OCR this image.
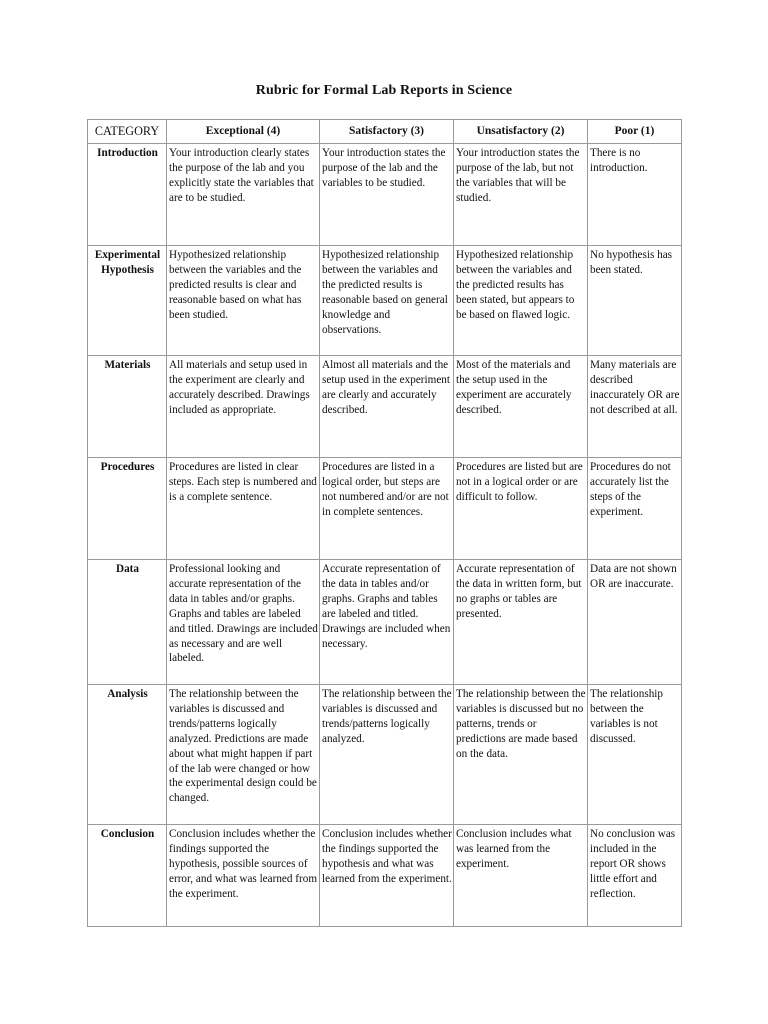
Rubric for Formal Lab Reports in Science
CATEGORY	Exceptional (4)	Satisfactory (3)	Unsatisfactory (2)	Poor (1)
Introduction	Your introduction clearly states the purpose of the lab and you explicitly state the variables that are to be studied.	Your introduction states the purpose of the lab and the variables to be studied.	Your introduction states the purpose of the lab, but not the variables that will be studied.	There is no introduction.
Experimental Hypothesis	Hypothesized relationship between the variables and the predicted results is clear and reasonable based on what has been studied.	Hypothesized relationship between the variables and the predicted results is reasonable based on general knowledge and observations.	Hypothesized relationship between the variables and the predicted results has been stated, but appears to be based on flawed logic.	No hypothesis has been stated.
Materials	All materials and setup used in the experiment are clearly and accurately described. Drawings included as appropriate.	Almost all materials and the setup used in the experiment are clearly and accurately described.	Most of the materials and the setup used in the experiment are accurately described.	Many materials are described inaccurately OR are not described at all.
Procedures	Procedures are listed in clear steps. Each step is numbered and is a complete sentence.	Procedures are listed in a logical order, but steps are not numbered and/or are not in complete sentences.	Procedures are listed but are not in a logical order or are difficult to follow.	Procedures do not accurately list the steps of the experiment.
Data	Professional looking and accurate representation of the data in tables and/or graphs. Graphs and tables are labeled and titled. Drawings are included as necessary and are well labeled.	Accurate representation of the data in tables and/or graphs. Graphs and tables are labeled and titled. Drawings are included when necessary.	Accurate representation of the data in written form, but no graphs or tables are presented.	Data are not shown OR are inaccurate.
Analysis	The relationship between the variables is discussed and trends/patterns logically analyzed. Predictions are made about what might happen if part of the lab were changed or how the experimental design could be changed.	The relationship between the variables is discussed and trends/patterns logically analyzed.	The relationship between the variables is discussed but no patterns, trends or predictions are made based on the data.	The relationship between the variables is not discussed.
Conclusion	Conclusion includes whether the findings supported the hypothesis, possible sources of error, and what was learned from the experiment.	Conclusion includes whether the findings supported the hypothesis and what was learned from the experiment.	Conclusion includes what was learned from the experiment.	No conclusion was included in the report OR shows little effort and reflection.
